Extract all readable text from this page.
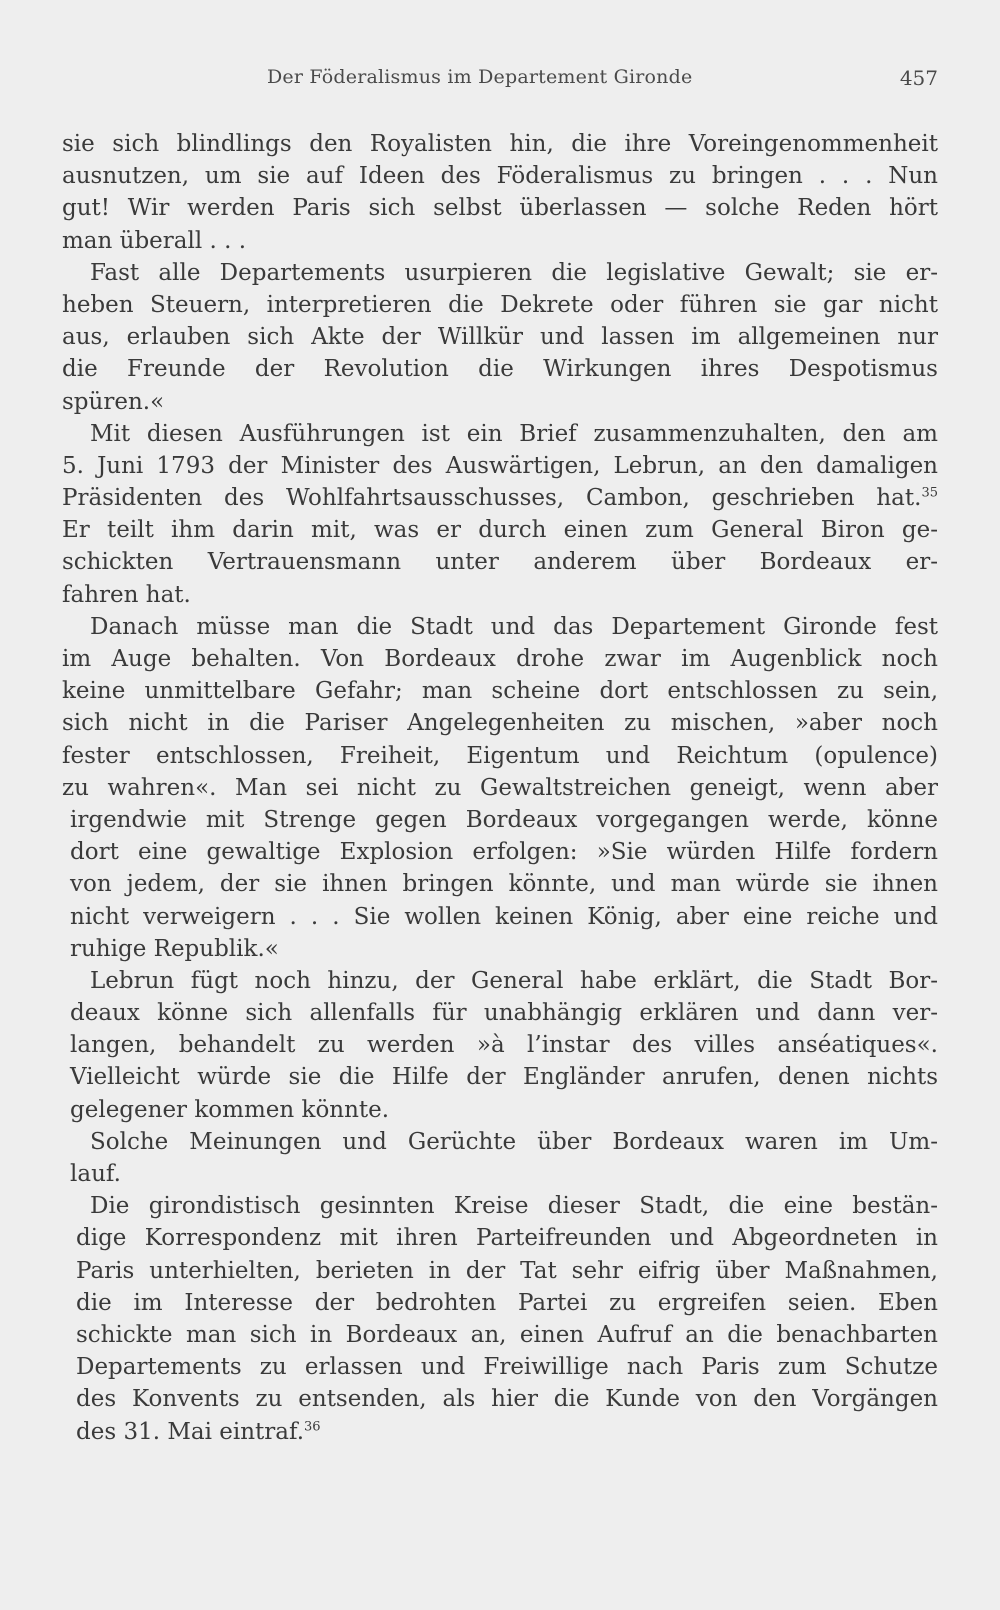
Der Föderalismus im Departement Gironde	457
sie sich blindlings den Royalisten hin, die ihre Voreingenommenheit
ausnutzen, um sie auf Ideen des Föderalismus zu bringen . . . Nun
gut! Wir werden Paris sich selbst überlassen — solche Reden hört
man überall . . .
Fast alle Departements usurpieren die legislative Gewalt; sie er-
heben Steuern, interpretieren die Dekrete oder führen sie gar nicht
aus, erlauben sich Akte der Willkür und lassen im allgemeinen nur
die Freunde der Revolution die Wirkungen ihres Despotismus
spüren.«
Mit diesen Ausführungen ist ein Brief zusammenzuhalten, den am
5. Juni 1793 der Minister des Auswärtigen, Lebrun, an den damaligen
Präsidenten des Wohlfahrtsausschusses, Cambon, geschrieben hat.$^{35}$
Er teilt ihm darin mit, was er durch einen zum General Biron ge-
schickten Vertrauensmann unter anderem über Bordeaux er-
fahren hat.
Danach müsse man die Stadt und das Departement Gironde fest
im Auge behalten. Von Bordeaux drohe zwar im Augenblick noch
keine unmittelbare Gefahr; man scheine dort entschlossen zu sein,
sich nicht in die Pariser Angelegenheiten zu mischen, »aber noch
fester entschlossen, Freiheit, Eigentum und Reichtum (opulence)
zu wahren«. Man sei nicht zu Gewaltstreichen geneigt, wenn aber
irgendwie mit Strenge gegen Bordeaux vorgegangen werde, könne
dort eine gewaltige Explosion erfolgen: »Sie würden Hilfe fordern
von jedem, der sie ihnen bringen könnte, und man würde sie ihnen
nicht verweigern . . . Sie wollen keinen König, aber eine reiche und
ruhige Republik.«
Lebrun fügt noch hinzu, der General habe erklärt, die Stadt Bor-
deaux könne sich allenfalls für unabhängig erklären und dann ver-
langen, behandelt zu werden »à l’instar des villes anséatiques«.
Vielleicht würde sie die Hilfe der Engländer anrufen, denen nichts
gelegener kommen könnte.
Solche Meinungen und Gerüchte über Bordeaux waren im Um-
lauf.
Die girondistisch gesinnten Kreise dieser Stadt, die eine bestän-
dige Korrespondenz mit ihren Parteifreunden und Abgeordneten in
Paris unterhielten, berieten in der Tat sehr eifrig über Maßnahmen,
die im Interesse der bedrohten Partei zu ergreifen seien. Eben
schickte man sich in Bordeaux an, einen Aufruf an die benachbarten
Departements zu erlassen und Freiwillige nach Paris zum Schutze
des Konvents zu entsenden, als hier die Kunde von den Vorgängen
des 31. Mai eintraf.$^{36}$
